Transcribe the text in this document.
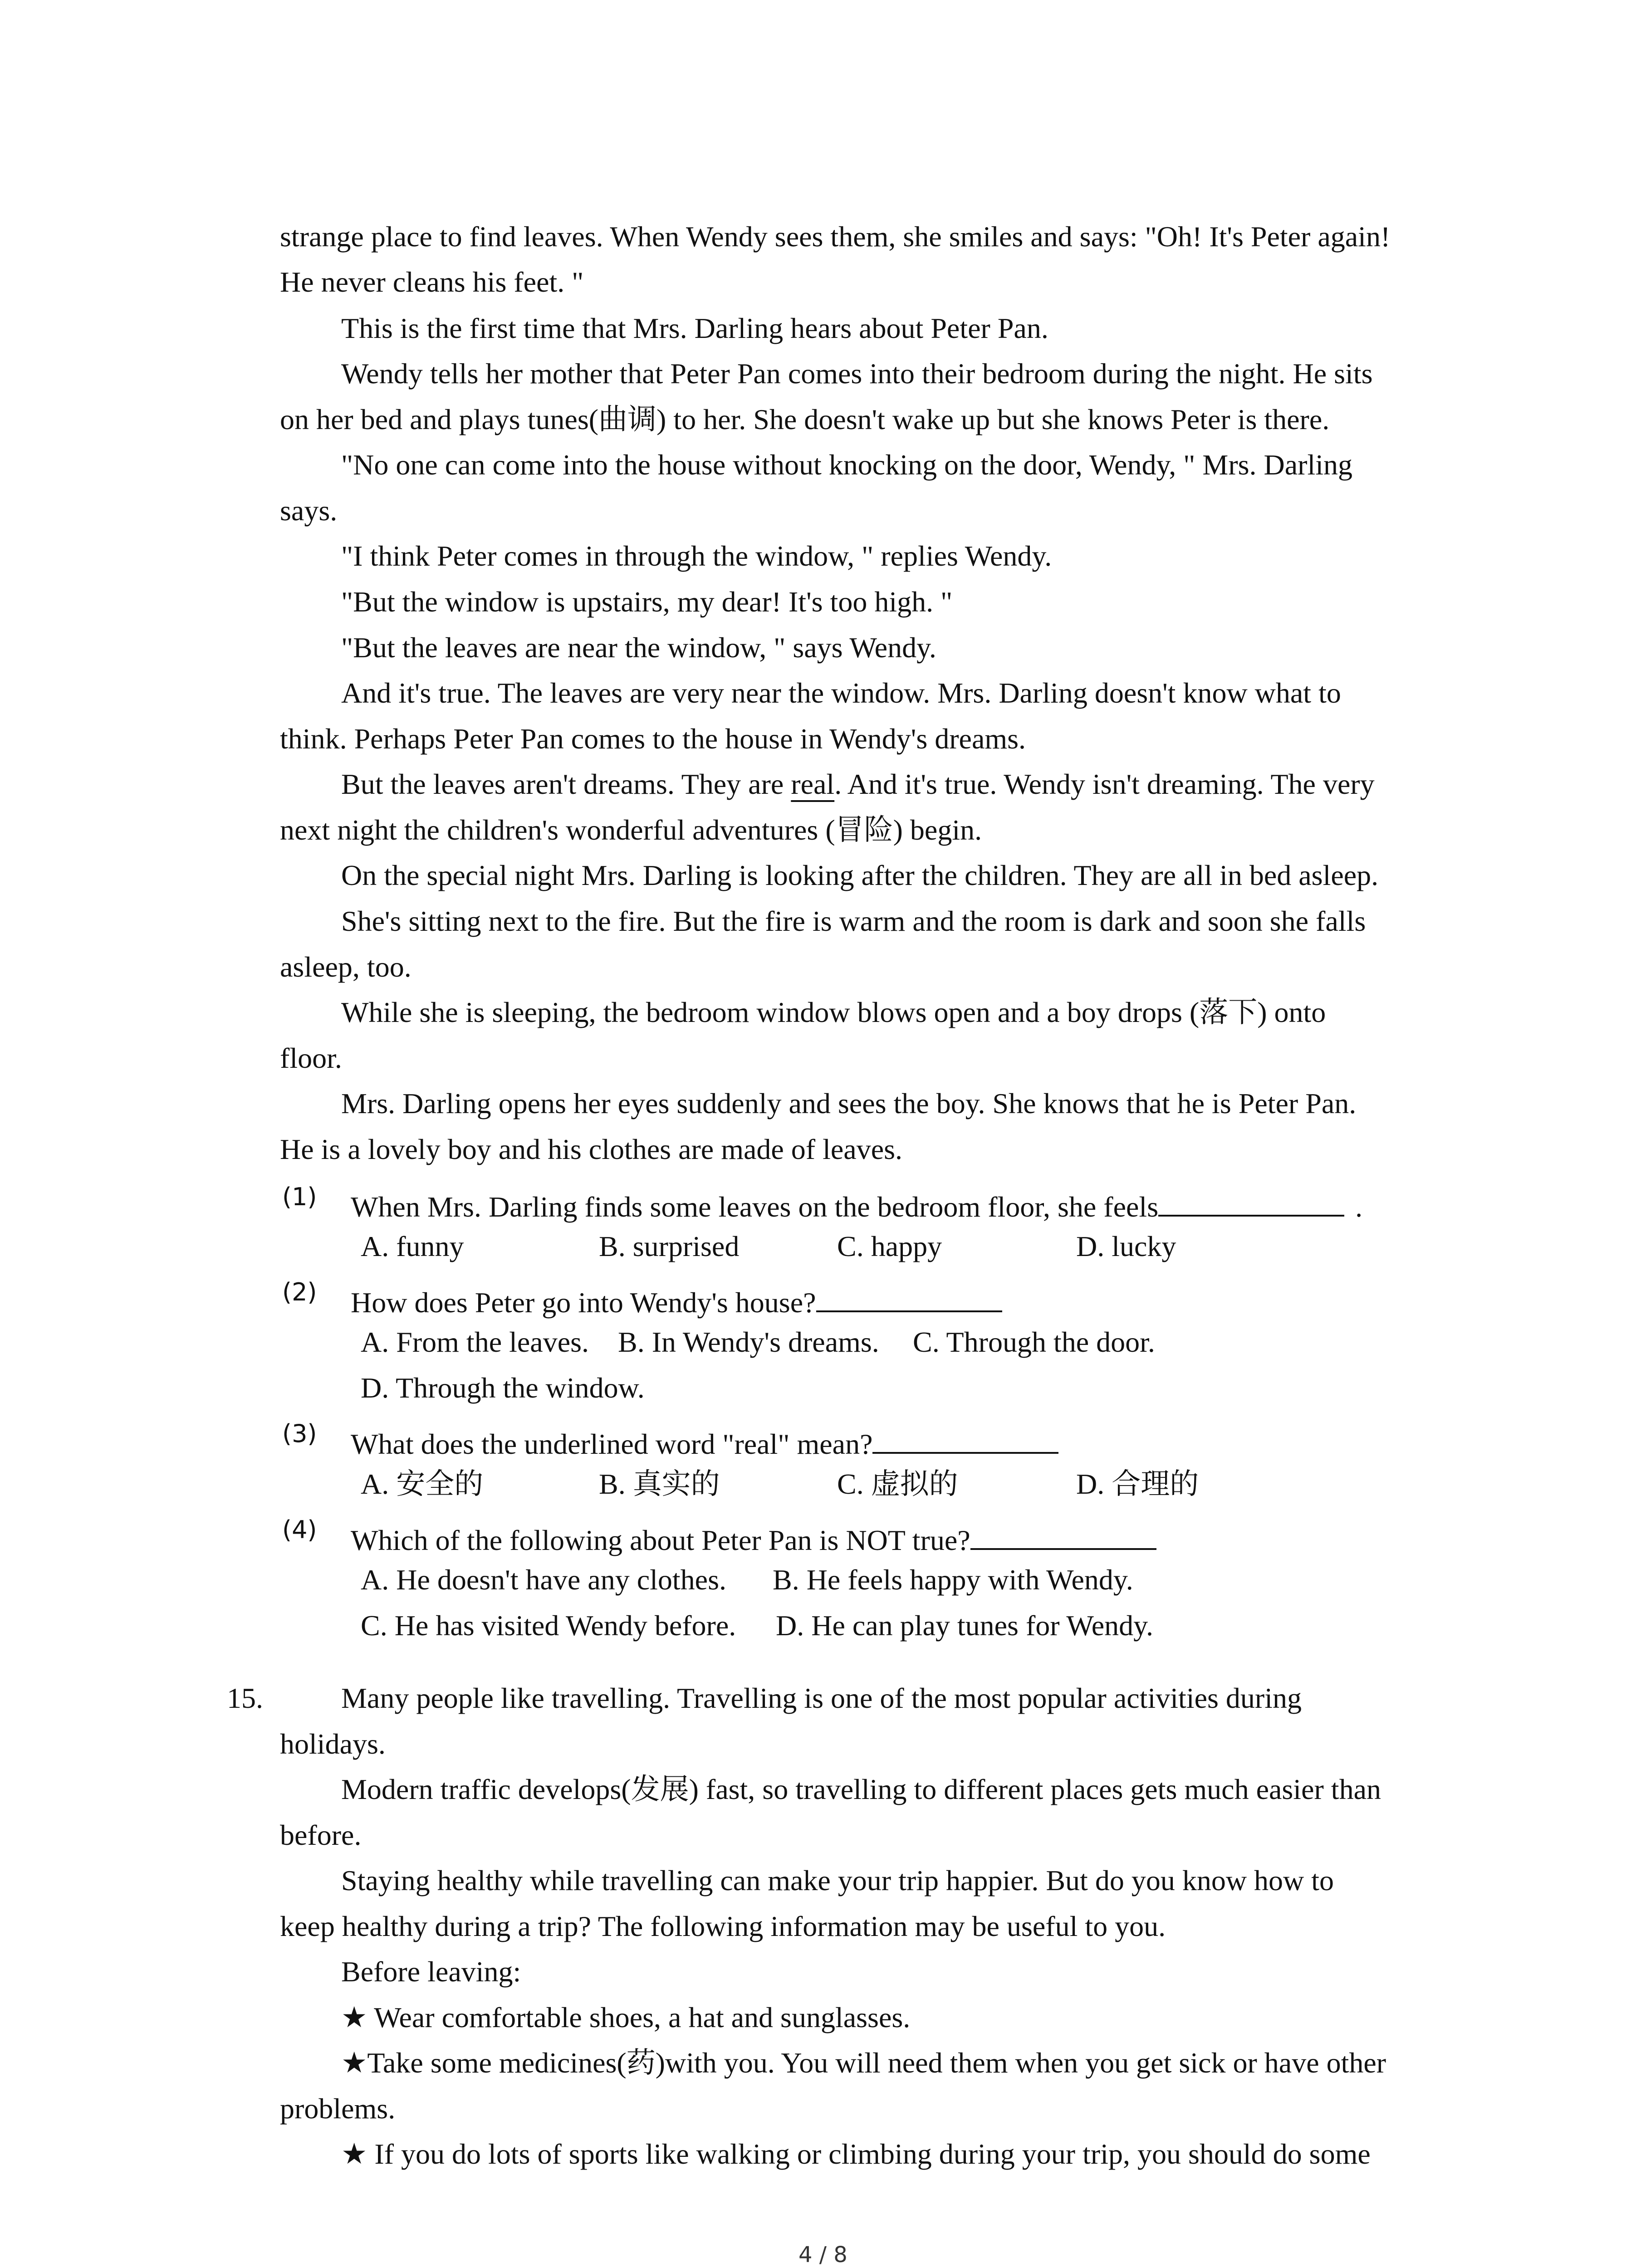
strange place to find leaves. When Wendy sees them, she smiles and says: "Oh! It's Peter again!
He never cleans his feet. "
This is the first time that Mrs. Darling hears about Peter Pan.
Wendy tells her mother that Peter Pan comes into their bedroom during the night. He sits
on her bed and plays tunes(曲调) to her. She doesn't wake up but she knows Peter is there.
"No one can come into the house without knocking on the door, Wendy, " Mrs. Darling
says.
"I think Peter comes in through the window, " replies Wendy.
"But the window is upstairs, my dear! It's too high. "
"But the leaves are near the window, " says Wendy.
And it's true. The leaves are very near the window. Mrs. Darling doesn't know what to
think. Perhaps Peter Pan comes to the house in Wendy's dreams.
But the leaves aren't dreams. They are real. And it's true. Wendy isn't dreaming. The very
next night the children's wonderful adventures (冒险) begin.
On the special night Mrs. Darling is looking after the children. They are all in bed asleep.
She's sitting next to the fire. But the fire is warm and the room is dark and soon she falls
asleep, too.
While she is sleeping, the bedroom window blows open and a boy drops (落下) onto
floor.
Mrs. Darling opens her eyes suddenly and sees the boy. She knows that he is Peter Pan.
He is a lovely boy and his clothes are made of leaves.
(1) When Mrs. Darling finds some leaves on the bedroom floor, she feels	.
A. funny	B. surprised	C. happy	D. lucky
(2) How does Peter go into Wendy's house?
A. From the leaves. B. In Wendy's dreams. C. Through the door.
D. Through the window.
(3) What does the underlined word "real" mean?
A. 安全的	B. 真实的	C. 虚拟的	D. 合理的
(4) Which of the following about Peter Pan is NOT true?
A. He doesn't have any clothes. B. He feels happy with Wendy.
C. He has visited Wendy before. D. He can play tunes for Wendy.
15.	Many people like travelling. Travelling is one of the most popular activities during
holidays.
Modern traffic develops(发展) fast, so travelling to different places gets much easier than
before.
Staying healthy while travelling can make your trip happier. But do you know how to
keep healthy during a trip? The following information may be useful to you.
Before leaving:
★ Wear comfortable shoes, a hat and sunglasses.
★Take some medicines(药)with you. You will need them when you get sick or have other
problems.
★ If you do lots of sports like walking or climbing during your trip, you should do some
4 / 8
